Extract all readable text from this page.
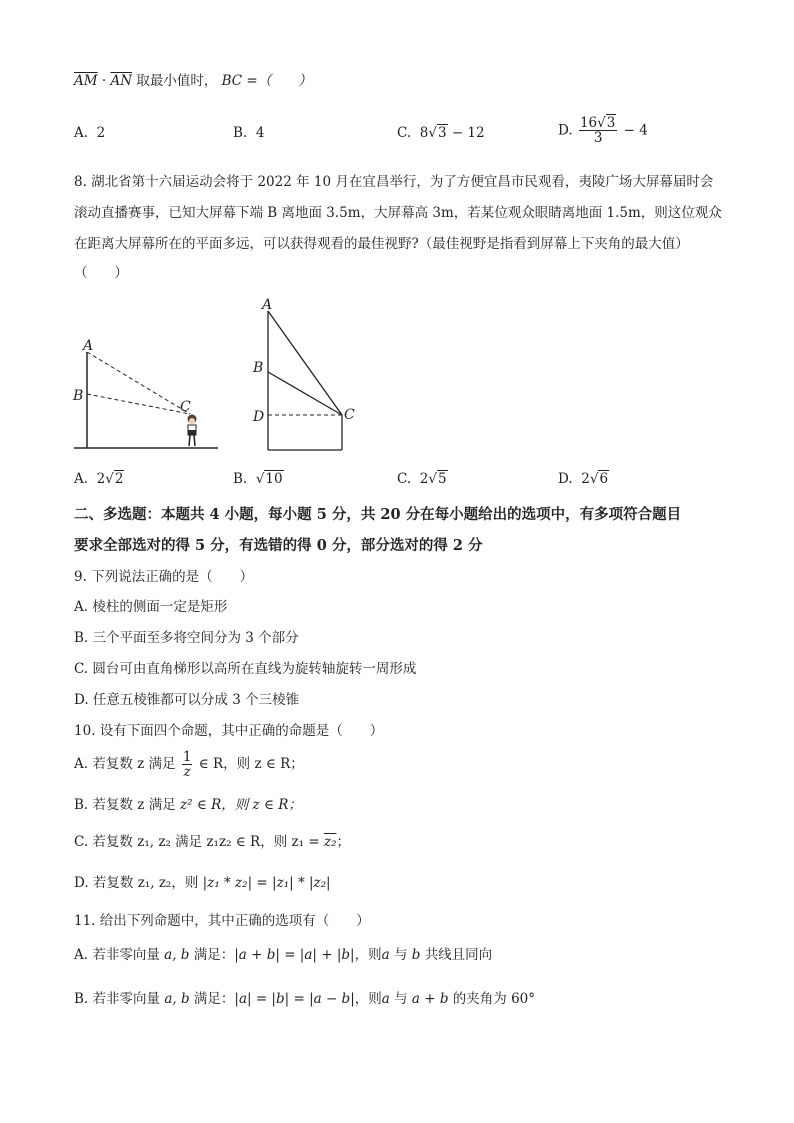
$\overline{AM} \cdot \overline{AN}$ 取最小值时， BC =（　　）
A. 2	B. 4	C. 8√3 − 12	D. $\frac{16√3}{3} - 4$
8. 湖北省第十六届运动会将于 2022 年 10 月在宜昌举行，为了方便宜昌市民观看，夷陵广场大屏幕届时会
滚动直播赛事，已知大屏幕下端 B 离地面 3.5m，大屏幕高 3m，若某位观众眼睛离地面 1.5m，则这位观众
在距离大屏幕所在的平面多远，可以获得观看的最佳视野?（最佳视野是指看到屏幕上下夹角的最大值）
（　　）
A
B
C
A
B
D	C
A. 2√2	B. √10	C. 2√5	D. 2√6
二、多选题：本题共 4 小题，每小题 5 分，共 20 分在每小题给出的选项中，有多项符合题目
要求全部选对的得 5 分，有选错的得 0 分，部分选对的得 2 分
9. 下列说法正确的是（　　）
A. 棱柱的侧面一定是矩形
B. 三个平面至多将空间分为 3 个部分
C. 圆台可由直角梯形以高所在直线为旋转轴旋转一周形成
D. 任意五棱锥都可以分成 3 个三棱锥
10. 设有下面四个命题，其中正确的命题是（　　）
A. 若复数 z 满足 $\frac{1}{z}$ ∈ R，则 z ∈ R；
B. 若复数 z 满足 z² ∈ R，则 z ∈ R；
C. 若复数 z₁, z₂ 满足 z₁z₂ ∈ R，则 z₁ = z₂；
D. 若复数 z₁, z₂，则 |z₁ * z₂| = |z₁| * |z₂|
11. 给出下列命题中，其中正确的选项有（　　）
A. 若非零向量 a, b 满足：|a + b| = |a| + |b|，则a 与 b 共线且同向
B. 若非零向量 a, b 满足：|a| = |b| = |a − b|，则a 与 a + b 的夹角为 60°
